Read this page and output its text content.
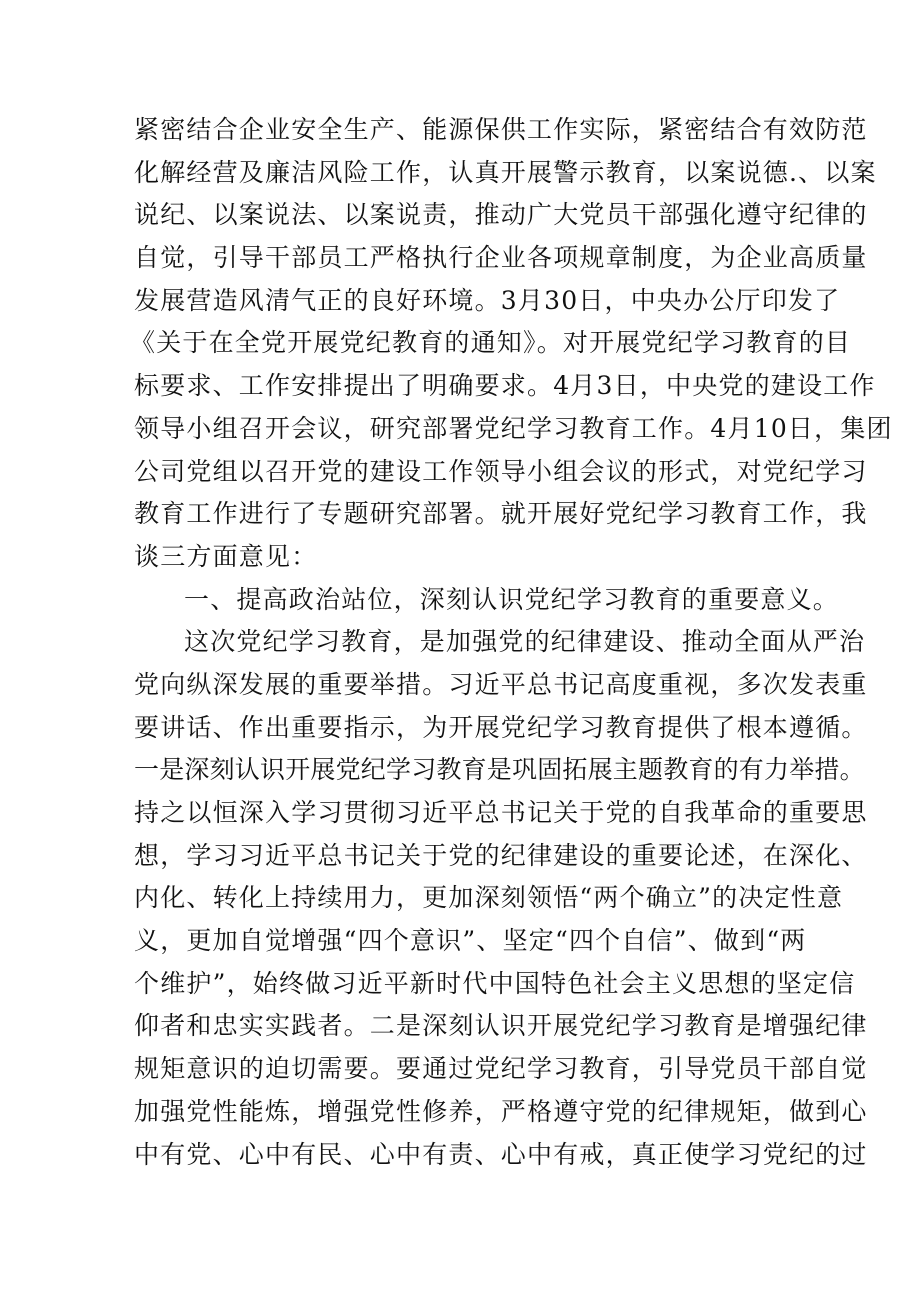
紧密结合企业安全生产、能源保供工作实际，紧密结合有效防范
化解经营及廉洁风险工作，认真开展警示教育，以案说德.、以案
说纪、以案说法、以案说责，推动广大党员干部强化遵守纪律的
自觉，引导干部员工严格执行企业各项规章制度，为企业高质量
发展营造风清气正的良好环境。3月30日，中央办公厅印发了
《关于在全党开展党纪教育的通知》。对开展党纪学习教育的目
标要求、工作安排提出了明确要求。4月3日，中央党的建设工作
领导小组召开会议，研究部署党纪学习教育工作。4月10日，集团
公司党组以召开党的建设工作领导小组会议的形式，对党纪学习
教育工作进行了专题研究部署。就开展好党纪学习教育工作，我
谈三方面意见：
一、提高政治站位，深刻认识党纪学习教育的重要意义。
这次党纪学习教育，是加强党的纪律建设、推动全面从严治
党向纵深发展的重要举措。习近平总书记高度重视，多次发表重
要讲话、作出重要指示，为开展党纪学习教育提供了根本遵循。
一是深刻认识开展党纪学习教育是巩固拓展主题教育的有力举措。
持之以恒深入学习贯彻习近平总书记关于党的自我革命的重要思
想，学习习近平总书记关于党的纪律建设的重要论述，在深化、
内化、转化上持续用力，更加深刻领悟“两个确立”的决定性意
义，更加自觉增强“四个意识”、坚定“四个自信”、做到“两
个维护”，始终做习近平新时代中国特色社会主义思想的坚定信
仰者和忠实实践者。二是深刻认识开展党纪学习教育是增强纪律
规矩意识的迫切需要。要通过党纪学习教育，引导党员干部自觉
加强党性能炼，增强党性修养，严格遵守党的纪律规矩，做到心
中有党、心中有民、心中有责、心中有戒，真正使学习党纪的过
